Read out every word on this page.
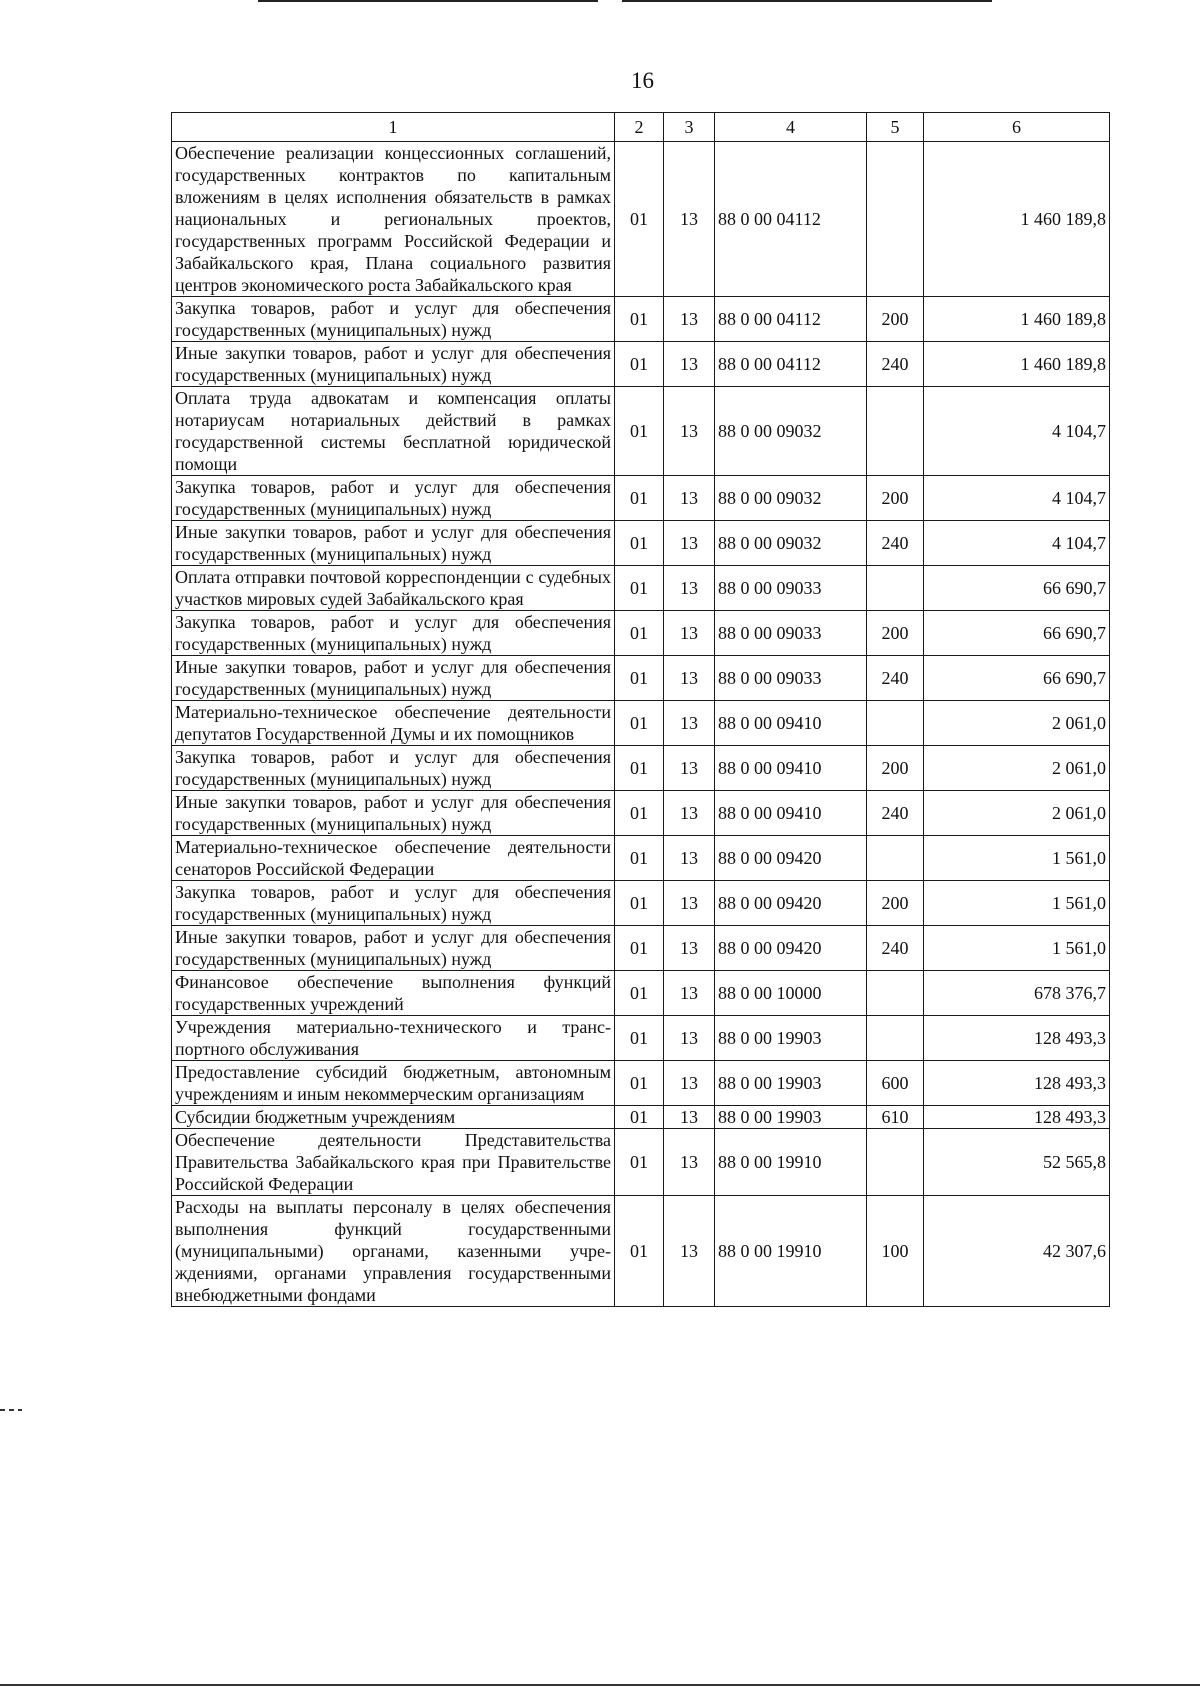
16
1	2	3	4	5	6
Обеспечение реализации концессионных соглашений, государственных контрактов по капитальным вложениям в целях исполнения обязательств в рамках национальных и региональных проектов, государственных программ Российской Федерации и Забайкальского края, Плана социального развития центров экономического роста Забайкальского края	01	13	88 0 00 04112		1 460 189,8
Закупка товаров, работ и услуг для обеспечения государственных (муниципальных) нужд	01	13	88 0 00 04112	200	1 460 189,8
Иные закупки товаров, работ и услуг для обеспечения государственных (муниципальных) нужд	01	13	88 0 00 04112	240	1 460 189,8
Оплата труда адвокатам и компенсация оплаты нотариусам нотариальных действий в рамках государственной системы бесплатной юридической помощи	01	13	88 0 00 09032		4 104,7
Закупка товаров, работ и услуг для обеспечения государственных (муниципальных) нужд	01	13	88 0 00 09032	200	4 104,7
Иные закупки товаров, работ и услуг для обеспечения государственных (муниципальных) нужд	01	13	88 0 00 09032	240	4 104,7
Оплата отправки почтовой корреспонденции с судебных участков мировых судей Забайкальского края	01	13	88 0 00 09033		66 690,7
Закупка товаров, работ и услуг для обеспечения государственных (муниципальных) нужд	01	13	88 0 00 09033	200	66 690,7
Иные закупки товаров, работ и услуг для обеспечения государственных (муниципальных) нужд	01	13	88 0 00 09033	240	66 690,7
Материально-техническое обеспечение деятельности депутатов Государственной Думы и их помощников	01	13	88 0 00 09410		2 061,0
Закупка товаров, работ и услуг для обеспечения государственных (муниципальных) нужд	01	13	88 0 00 09410	200	2 061,0
Иные закупки товаров, работ и услуг для обеспечения государственных (муниципальных) нужд	01	13	88 0 00 09410	240	2 061,0
Материально-техническое обеспечение деятельности сенаторов Российской Федерации	01	13	88 0 00 09420		1 561,0
Закупка товаров, работ и услуг для обеспечения государственных (муниципальных) нужд	01	13	88 0 00 09420	200	1 561,0
Иные закупки товаров, работ и услуг для обеспечения государственных (муниципальных) нужд	01	13	88 0 00 09420	240	1 561,0
Финансовое обеспечение выполнения функций государственных учреждений	01	13	88 0 00 10000		678 376,7
Учреждения материально-технического и транспортного обслуживания	01	13	88 0 00 19903		128 493,3
Предоставление субсидий бюджетным, автономным учреждениям и иным некоммерческим организациям	01	13	88 0 00 19903	600	128 493,3
Субсидии бюджетным учреждениям	01	13	88 0 00 19903	610	128 493,3
Обеспечение деятельности Представительства Правительства Забайкальского края при Правительстве Российской Федерации	01	13	88 0 00 19910		52 565,8
Расходы на выплаты персоналу в целях обеспечения выполнения функций государственными (муниципальными) органами, казенными учреждениями, органами управления государственными внебюджетными фондами	01	13	88 0 00 19910	100	42 307,6
